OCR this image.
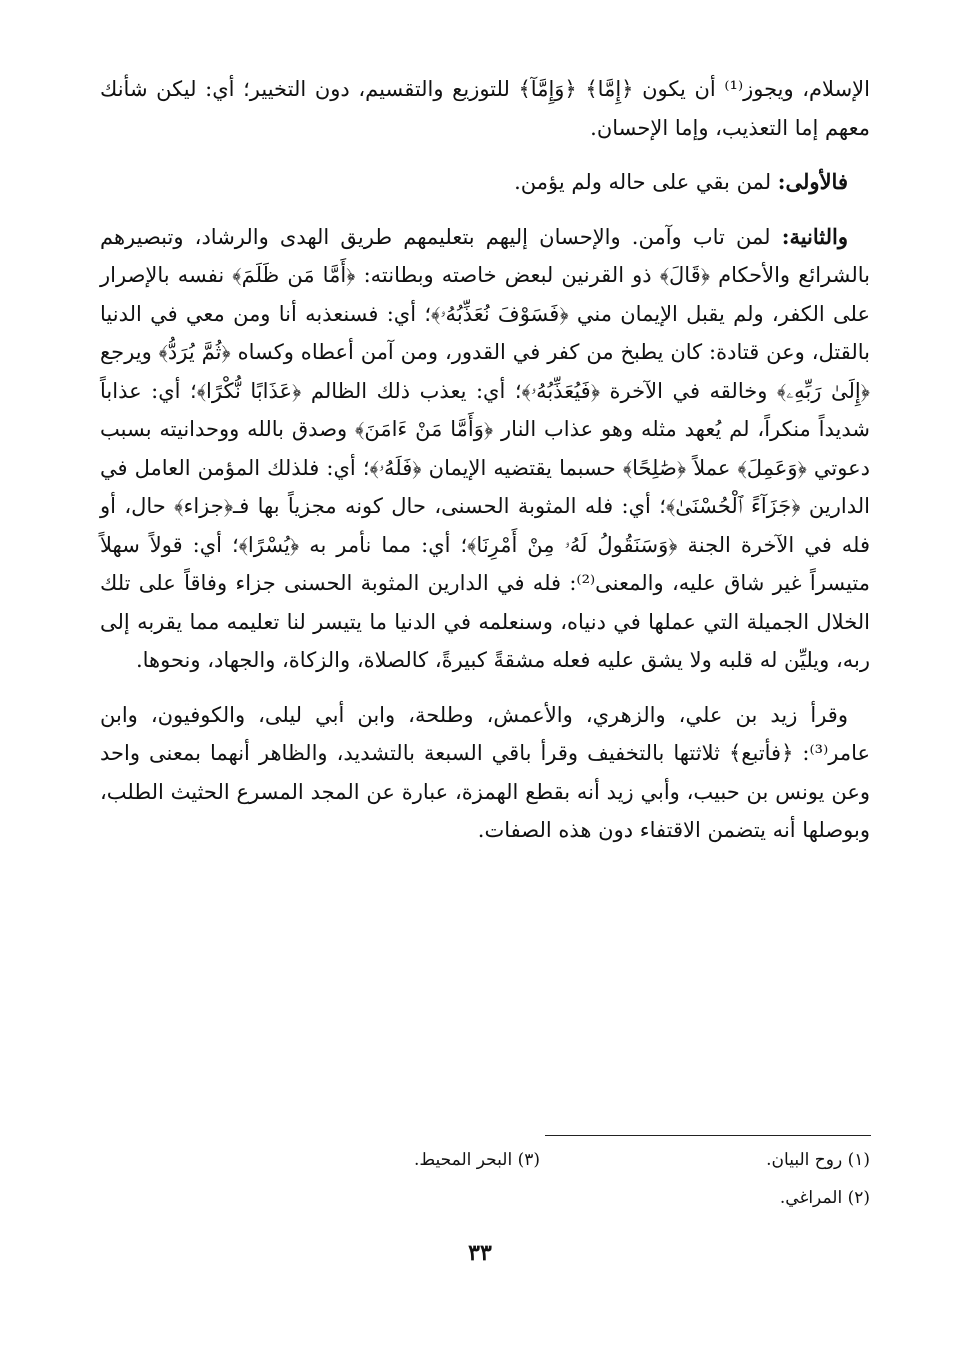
الإسلام، ويجوز⁽¹⁾ أن يكون ﴿إِمَّا﴾ ﴿وَإِمَّآ﴾ للتوزيع والتقسيم، دون التخيير؛ أي: ليكن شأنك معهم إما التعذيب، وإما الإحسان.

فالأولى: لمن بقي على حاله ولم يؤمن.

والثانية: لمن تاب وآمن. والإحسان إليهم بتعليمهم طريق الهدى والرشاد، وتبصيرهم بالشرائع والأحكام ﴿قَالَ﴾ ذو القرنين لبعض خاصته وبطانته: ﴿أَمَّا مَن ظَلَمَ﴾ نفسه بالإصرار على الكفر، ولم يقبل الإيمان مني ﴿فَسَوْفَ نُعَذِّبُهُۥ﴾؛ أي: فسنعذبه أنا ومن معي في الدنيا بالقتل، وعن قتادة: كان يطبخ من كفر في القدور، ومن آمن أعطاه وكساه ﴿ثُمَّ يُرَدُّ﴾ ويرجع ﴿إِلَىٰ رَبِّهِۦ﴾ وخالقه في الآخرة ﴿فَيُعَذِّبُهُۥ﴾؛ أي: يعذب ذلك الظالم ﴿عَذَابًا نُّكْرًا﴾؛ أي: عذاباً شديداً منكراً، لم يُعهد مثله وهو عذاب النار ﴿وَأَمَّا مَنْ ءَامَنَ﴾ وصدق بالله ووحدانيته بسبب دعوتي ﴿وَعَمِلَ﴾ عملاً ﴿صَٰلِحًا﴾ حسبما يقتضيه الإيمان ﴿فَلَهُۥ﴾؛ أي: فلذلك المؤمن العامل في الدارين ﴿جَزَآءً ٱلْحُسْنَىٰ﴾؛ أي: فله المثوبة الحسنى، حال كونه مجزياً بها فـ﴿جزاء﴾ حال، أو فله في الآخرة الجنة ﴿وَسَنَقُولُ لَهُۥ مِنْ أَمْرِنَا﴾؛ أي: مما نأمر به ﴿يُسْرًا﴾؛ أي: قولاً سهلاً متيسراً غير شاق عليه، والمعنى⁽²⁾: فله في الدارين المثوبة الحسنى جزاء وفاقاً على تلك الخلال الجميلة التي عملها في دنياه، وسنعلمه في الدنيا ما يتيسر لنا تعليمه مما يقربه إلى ربه، ويليِّن له قلبه ولا يشق عليه فعله مشقةً كبيرةً، كالصلاة، والزكاة، والجهاد، ونحوها.

وقرأ زيد بن علي، والزهري، والأعمش، وطلحة، وابن أبي ليلى، والكوفيون، وابن عامر⁽³⁾: ﴿فأتبع﴾ ثلاثتها بالتخفيف وقرأ باقي السبعة بالتشديد، والظاهر أنهما بمعنى واحد وعن يونس بن حبيب، وأبي زيد أنه بقطع الهمزة، عبارة عن المجد المسرع الحثيث الطلب، وبوصلها أنه يتضمن الاقتفاء دون هذه الصفات.

(١) روح البيان.
(٣) البحر المحيط.
(٢) المراغي.
٣٣
